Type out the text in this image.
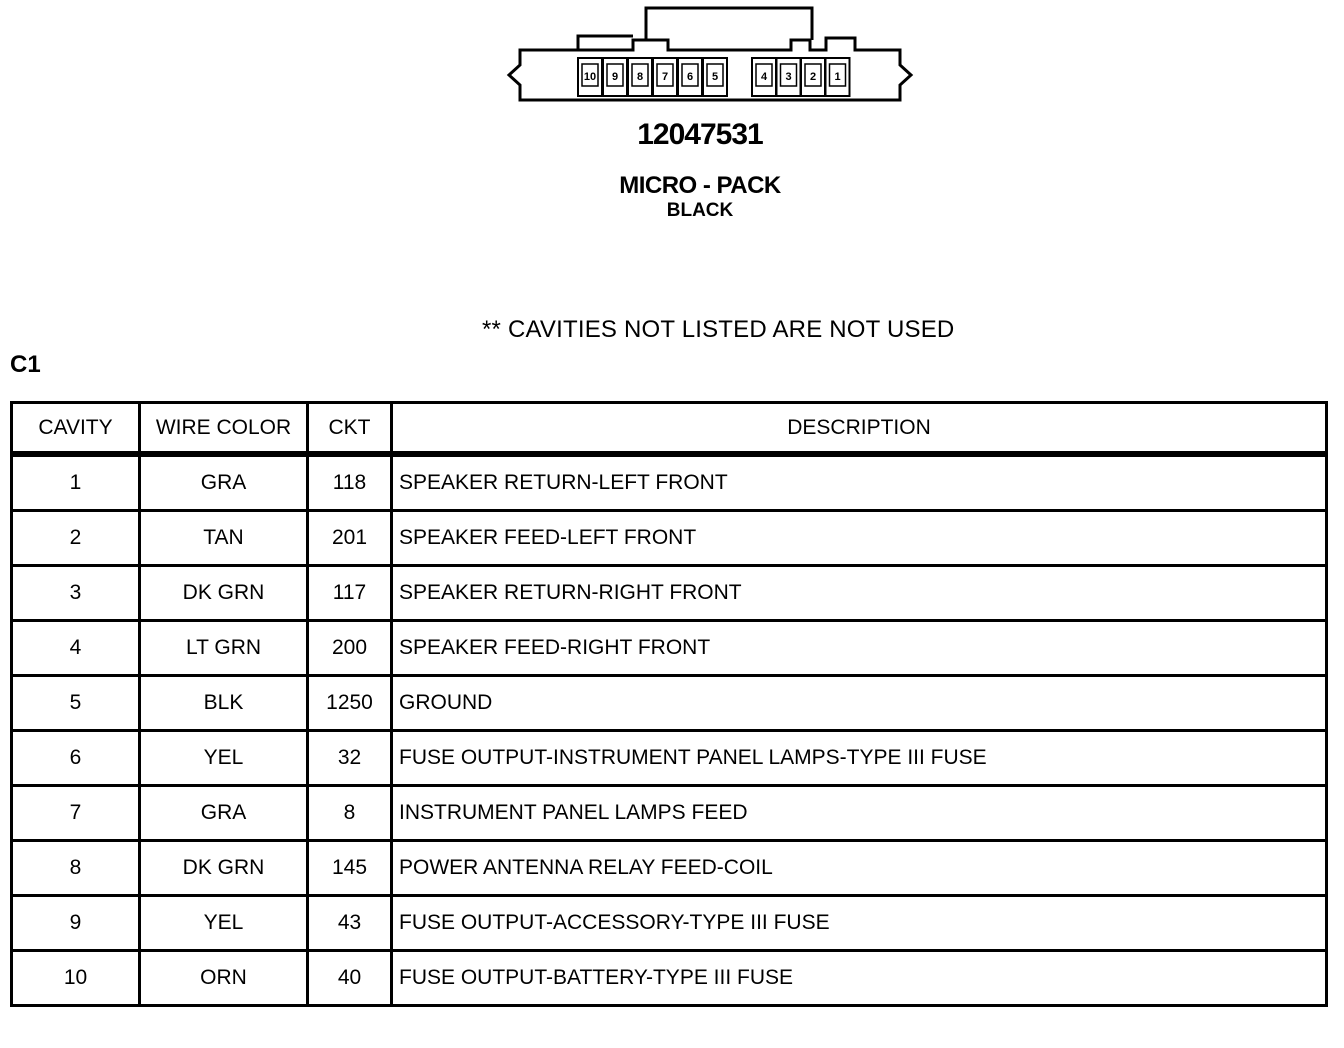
10 9 8 7 6 5	4 3 2 1
12047531
MICRO - PACK
BLACK
** CAVITIES NOT LISTED ARE NOT USED
C1
CAVITY	WIRE COLOR	CKT	DESCRIPTION
1	GRA	118	SPEAKER RETURN-LEFT FRONT
2	TAN	201	SPEAKER FEED-LEFT FRONT
3	DK GRN	117	SPEAKER RETURN-RIGHT FRONT
4	LT GRN	200	SPEAKER FEED-RIGHT FRONT
5	BLK	1250	GROUND
6	YEL	32	FUSE OUTPUT-INSTRUMENT PANEL LAMPS-TYPE III FUSE
7	GRA	8	INSTRUMENT PANEL LAMPS FEED
8	DK GRN	145	POWER ANTENNA RELAY FEED-COIL
9	YEL	43	FUSE OUTPUT-ACCESSORY-TYPE III FUSE
10	ORN	40	FUSE OUTPUT-BATTERY-TYPE III FUSE
